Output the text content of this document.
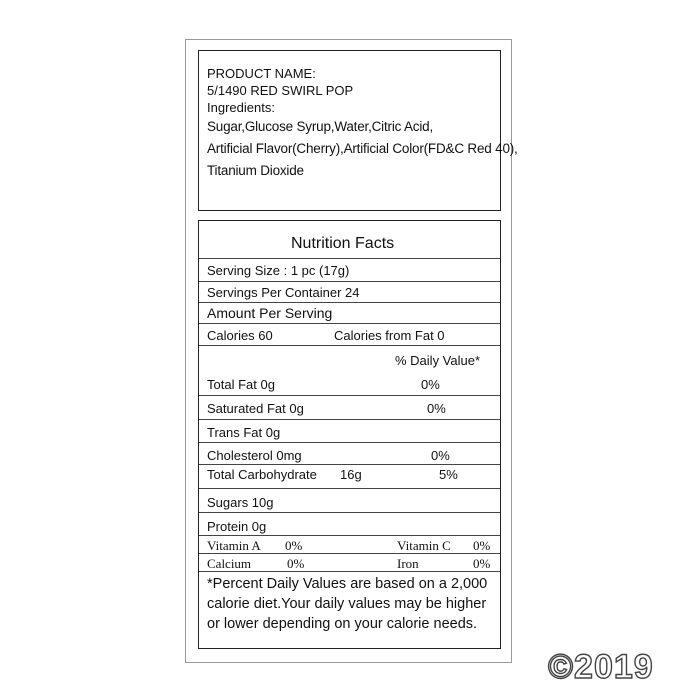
PRODUCT NAME:
5/1490 RED SWIRL POP
Ingredients:
Sugar,Glucose Syrup,Water,Citric Acid,
Artificial Flavor(Cherry),Artificial Color(FD&C Red 40),
Titanium Dioxide
Nutrition Facts
Serving Size : 1 pc (17g)
Servings Per Container 24
Amount Per Serving
Calories 60	Calories from Fat 0
% Daily Value*
Total Fat 0g	0%
Saturated Fat 0g	0%
Trans Fat 0g
Cholesterol 0mg	0%
Total Carbohydrate 16g	5%
Sugars 10g
Protein 0g
Vitamin A 0%	Vitamin C 0%
Calcium	0%	Iron	0%
*Percent Daily Values are based on a 2,000
calorie diet.Your daily values may be higher
or lower depending on your calorie needs.
©2019
